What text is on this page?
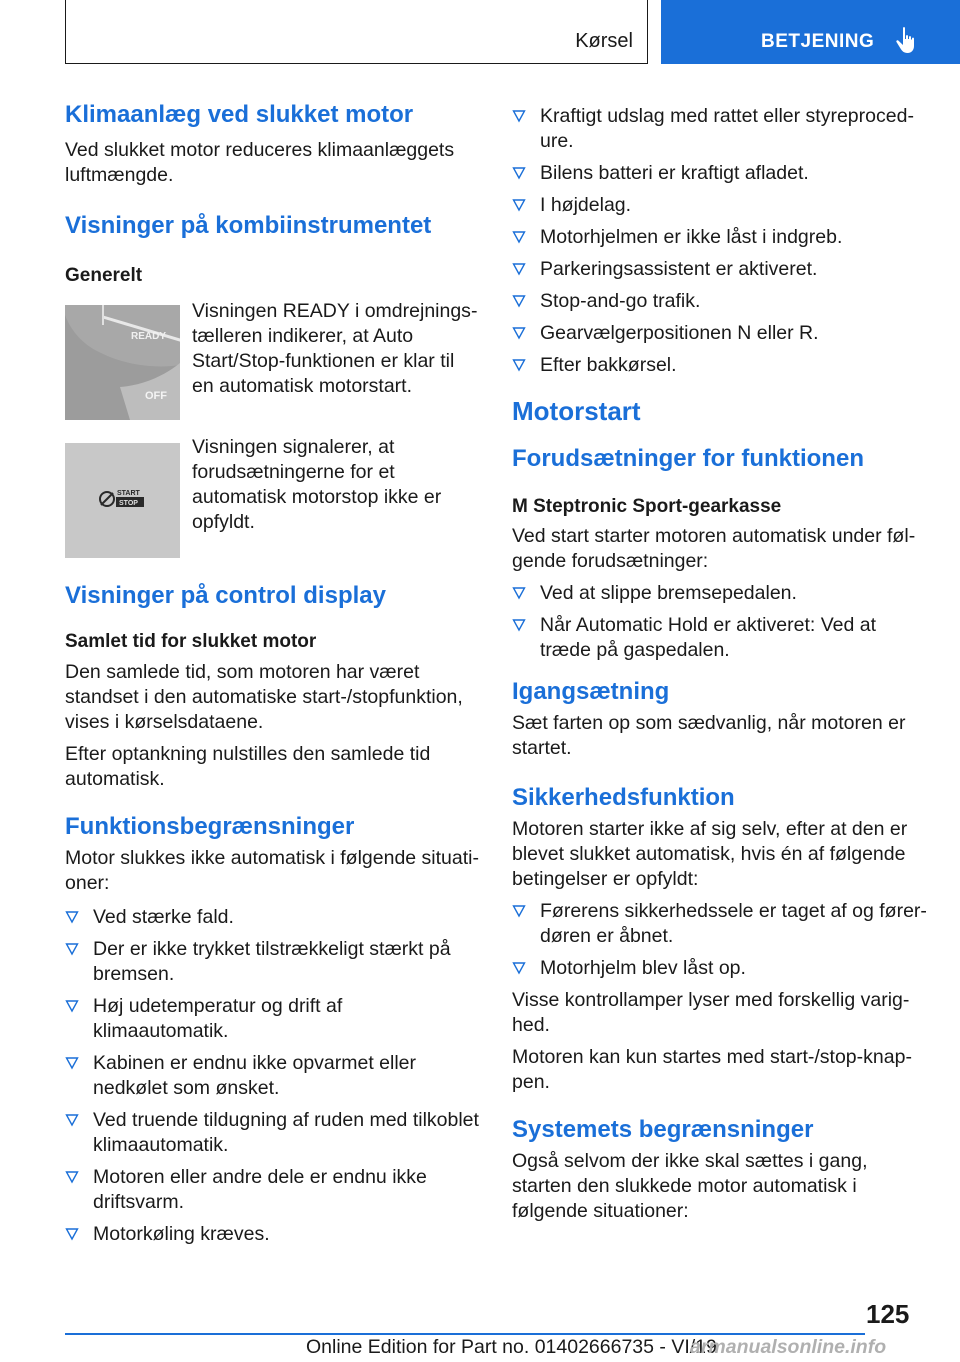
Kørsel	BETJENING
Klimaanlæg ved slukket motor
Ved slukket motor reduceres klimaanlæggets luftmængde.
Visninger på kombiinstrumentet
Generelt
READY
OFF
Visningen READY i omdrejningstælleren indikerer, at Auto Start/Stop-funktionen er klar til en automatisk motorstart.
START
STOP
Visningen signalerer, at forudsætningerne for et automatisk motorstop ikke er opfyldt.
Visninger på control display
Samlet tid for slukket motor
Den samlede tid, som motoren har været standset i den automatiske start-/stopfunktion, vises i kørselsdataene.
Efter optankning nulstilles den samlede tid automatisk.
Funktionsbegrænsninger
Motor slukkes ikke automatisk i følgende situationer:
Ved stærke fald.
Der er ikke trykket tilstrækkeligt stærkt på bremsen.
Høj udetemperatur og drift af klimaautomatik.
Kabinen er endnu ikke opvarmet eller nedkølet som ønsket.
Ved truende tildugning af ruden med tilkoblet klimaautomatik.
Motoren eller andre dele er endnu ikke driftsvarm.
Motorkøling kræves.
Kraftigt udslag med rattet eller styreprocedure.
Bilens batteri er kraftigt afladet.
I højdelag.
Motorhjelmen er ikke låst i indgreb.
Parkeringsassistent er aktiveret.
Stop-and-go trafik.
Gearvælgerpositionen N eller R.
Efter bakkørsel.
Motorstart
Forudsætninger for funktionen
M Steptronic Sport-gearkasse
Ved start starter motoren automatisk under følgende forudsætninger:
Ved at slippe bremsepedalen.
Når Automatic Hold er aktiveret: Ved at træde på gaspedalen.
Igangsætning
Sæt farten op som sædvanlig, når motoren er startet.
Sikkerhedsfunktion
Motoren starter ikke af sig selv, efter at den er blevet slukket automatisk, hvis én af følgende betingelser er opfyldt:
Førerens sikkerhedssele er taget af og førerdøren er åbnet.
Motorhjelm blev låst op.
Visse kontrollamper lyser med forskellig varighed.
Motoren kan kun startes med start-/stop-knappen.
Systemets begrænsninger
Også selvom der ikke skal sættes i gang, starten den slukkede motor automatisk i følgende situationer:
125
Online Edition for Part no. 01402666735 - VI/19
armanualsonline.info
